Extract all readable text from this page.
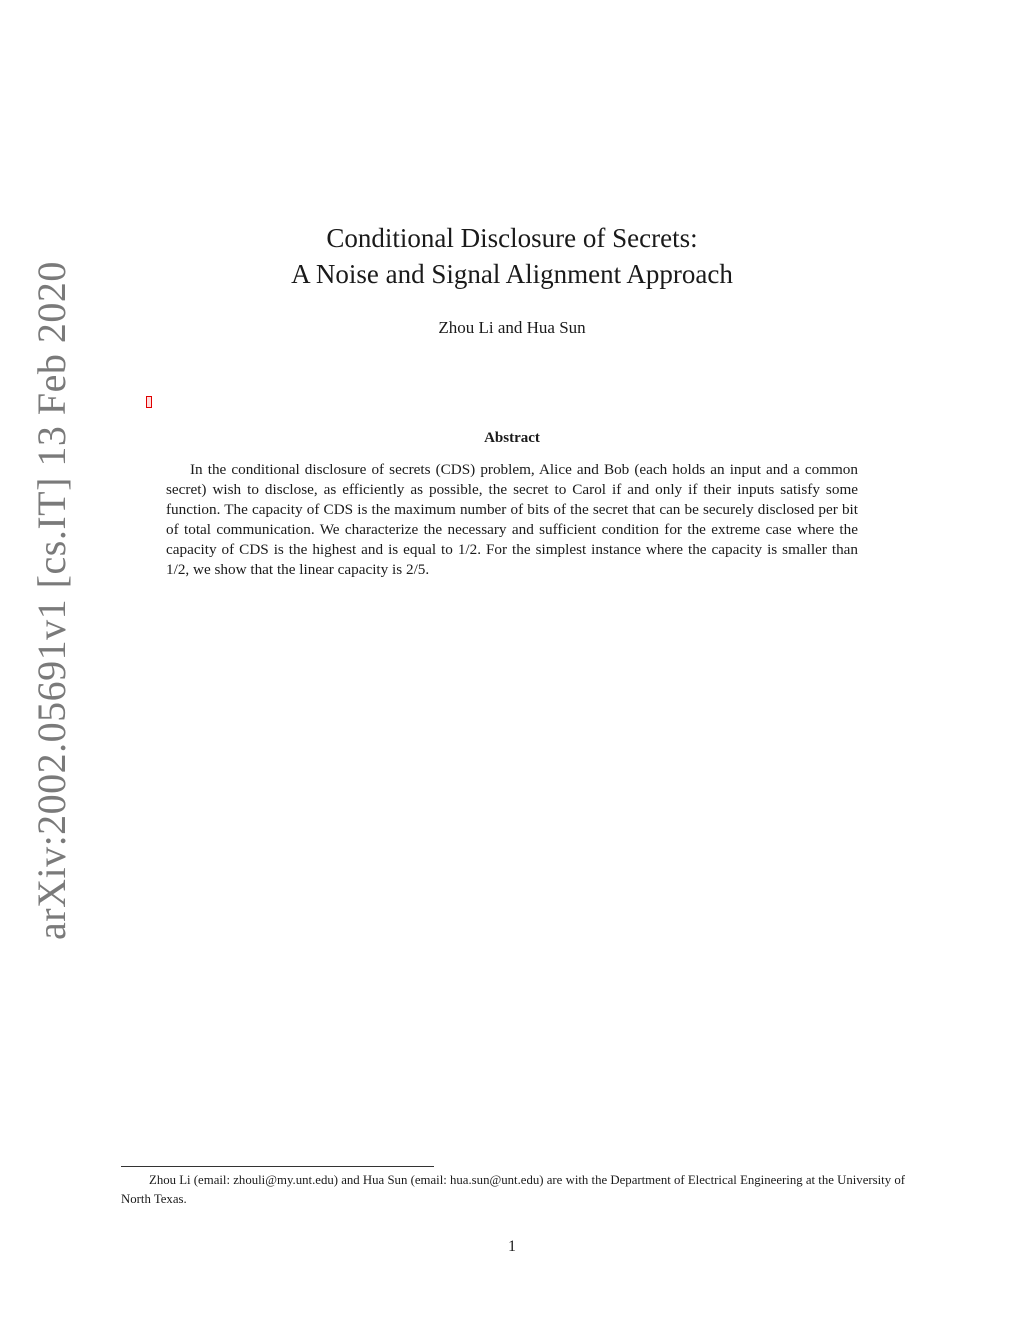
arXiv:2002.05691v1 [cs.IT] 13 Feb 2020
Conditional Disclosure of Secrets:
A Noise and Signal Alignment Approach
Zhou Li and Hua Sun
Abstract

In the conditional disclosure of secrets (CDS) problem, Alice and Bob (each holds an input and a common secret) wish to disclose, as efficiently as possible, the secret to Carol if and only if their inputs satisfy some function. The capacity of CDS is the maximum number of bits of the secret that can be securely disclosed per bit of total communication. We characterize the necessary and sufficient condition for the extreme case where the capacity of CDS is the highest and is equal to 1/2. For the simplest instance where the capacity is smaller than 1/2, we show that the linear capacity is 2/5.

Zhou Li (email: zhouli@my.unt.edu) and Hua Sun (email: hua.sun@unt.edu) are with the Department of Electrical Engineering at the University of North Texas.

1
